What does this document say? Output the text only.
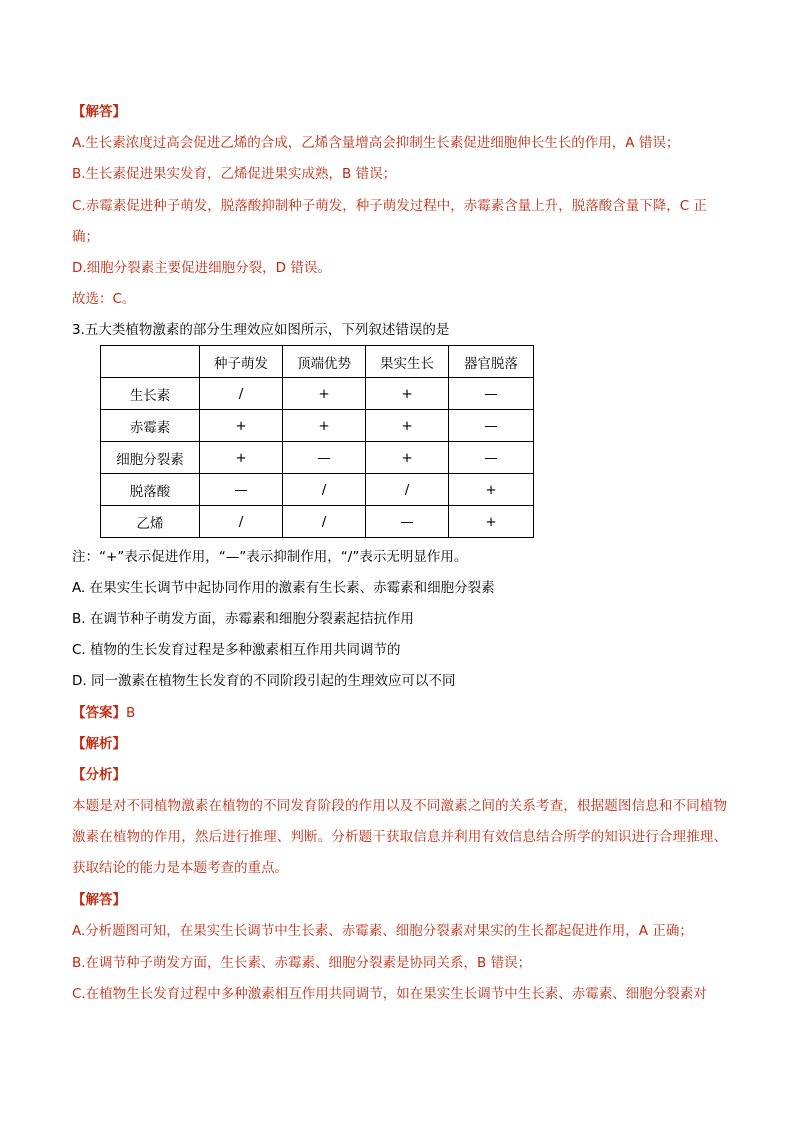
【解答】
A.生长素浓度过高会促进乙烯的合成，乙烯含量增高会抑制生长素促进细胞伸长生长的作用，A 错误；
B.生长素促进果实发育，乙烯促进果实成熟，B 错误；
C.赤霉素促进种子萌发，脱落酸抑制种子萌发，种子萌发过程中，赤霉素含量上升，脱落酸含量下降，C 正
确；
D.细胞分裂素主要促进细胞分裂，D 错误。
故选：C。
3.五大类植物激素的部分生理效应如图所示，下列叙述错误的是
	种子萌发	顶端优势	果实生长	器官脱落
生长素	/	+	+	—
赤霉素	+	+	+	—
细胞分裂素	+	—	+	—
脱落酸	—	/	/	+
乙烯	/	/	—	+
注：“+”表示促进作用，“—”表示抑制作用，“/”表示无明显作用。
A. 在果实生长调节中起协同作用的激素有生长素、赤霉素和细胞分裂素
B. 在调节种子萌发方面，赤霉素和细胞分裂素起拮抗作用
C. 植物的生长发育过程是多种激素相互作用共同调节的
D. 同一激素在植物生长发育的不同阶段引起的生理效应可以不同
【答案】B
【解析】
【分析】
本题是对不同植物激素在植物的不同发育阶段的作用以及不同激素之间的关系考查，根据题图信息和不同植物激素在植物的作用，然后进行推理、判断。分析题干获取信息并利用有效信息结合所学的知识进行合理推理、获取结论的能力是本题考查的重点。
【解答】
A.分析题图可知，在果实生长调节中生长素、赤霉素、细胞分裂素对果实的生长都起促进作用，A 正确；
B.在调节种子萌发方面，生长素、赤霉素、细胞分裂素是协同关系，B 错误；
C.在植物生长发育过程中多种激素相互作用共同调节，如在果实生长调节中生长素、赤霉素、细胞分裂素对
